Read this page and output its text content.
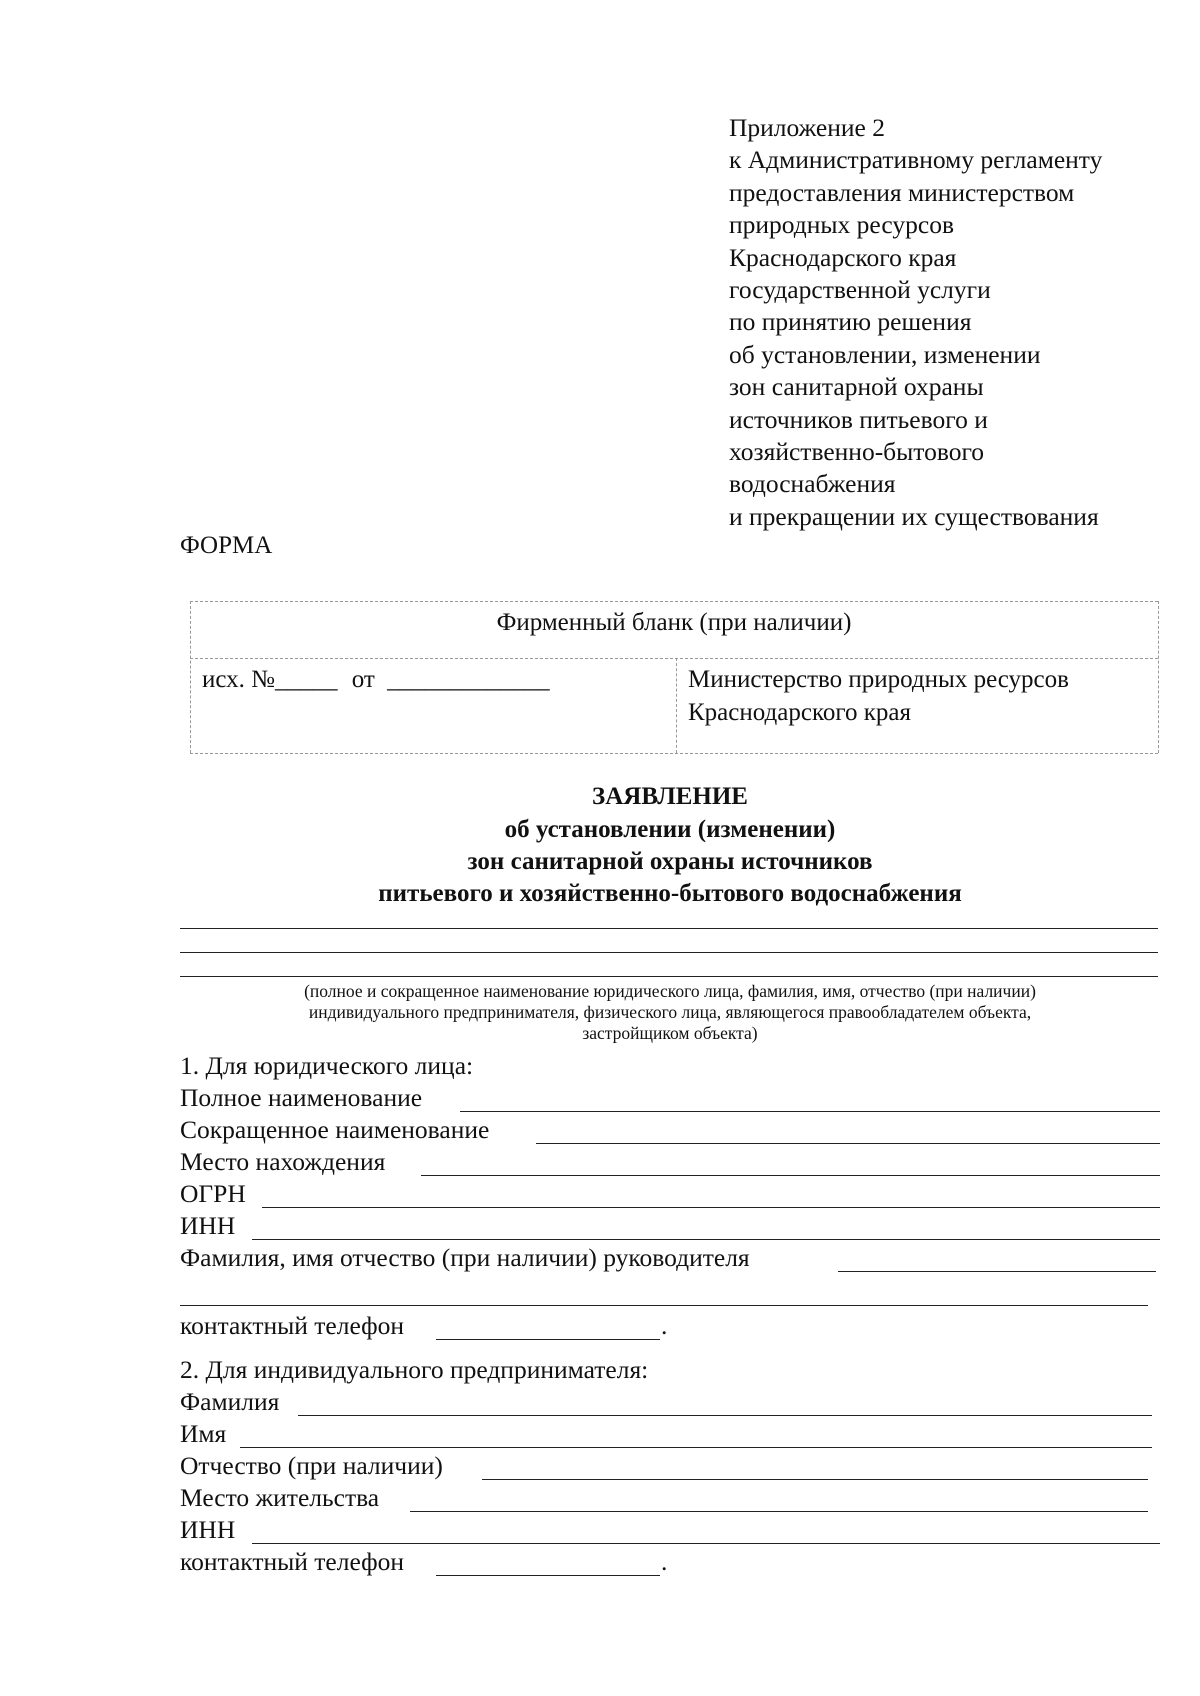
Приложение 2
к Административному регламенту
предоставления министерством
природных ресурсов
Краснодарского края
государственной услуги
по принятию решения
об установлении, изменении
зон санитарной охраны
источников питьевого и
хозяйственно-бытового
водоснабжения
и прекращении их существования
ФОРМА
Фирменный бланк (при наличии)
исх. №_____ от _____________	Министерство природных ресурсов
Краснодарского края
ЗАЯВЛЕНИЕ
об установлении (изменении)
зон санитарной охраны источников
питьевого и хозяйственно-бытового водоснабжения
(полное и сокращенное наименование юридического лица, фамилия, имя, отчество (при наличии)
индивидуального предпринимателя, физического лица, являющегося правообладателем объекта,
застройщиком объекта)
1. Для юридического лица:
Полное наименование
Сокращенное наименование
Место нахождения
ОГРН
ИНН
Фамилия, имя отчество (при наличии) руководителя
контактный телефон	.
2. Для индивидуального предпринимателя:
Фамилия
Имя
Отчество (при наличии)
Место жительства
ИНН
контактный телефон	.
